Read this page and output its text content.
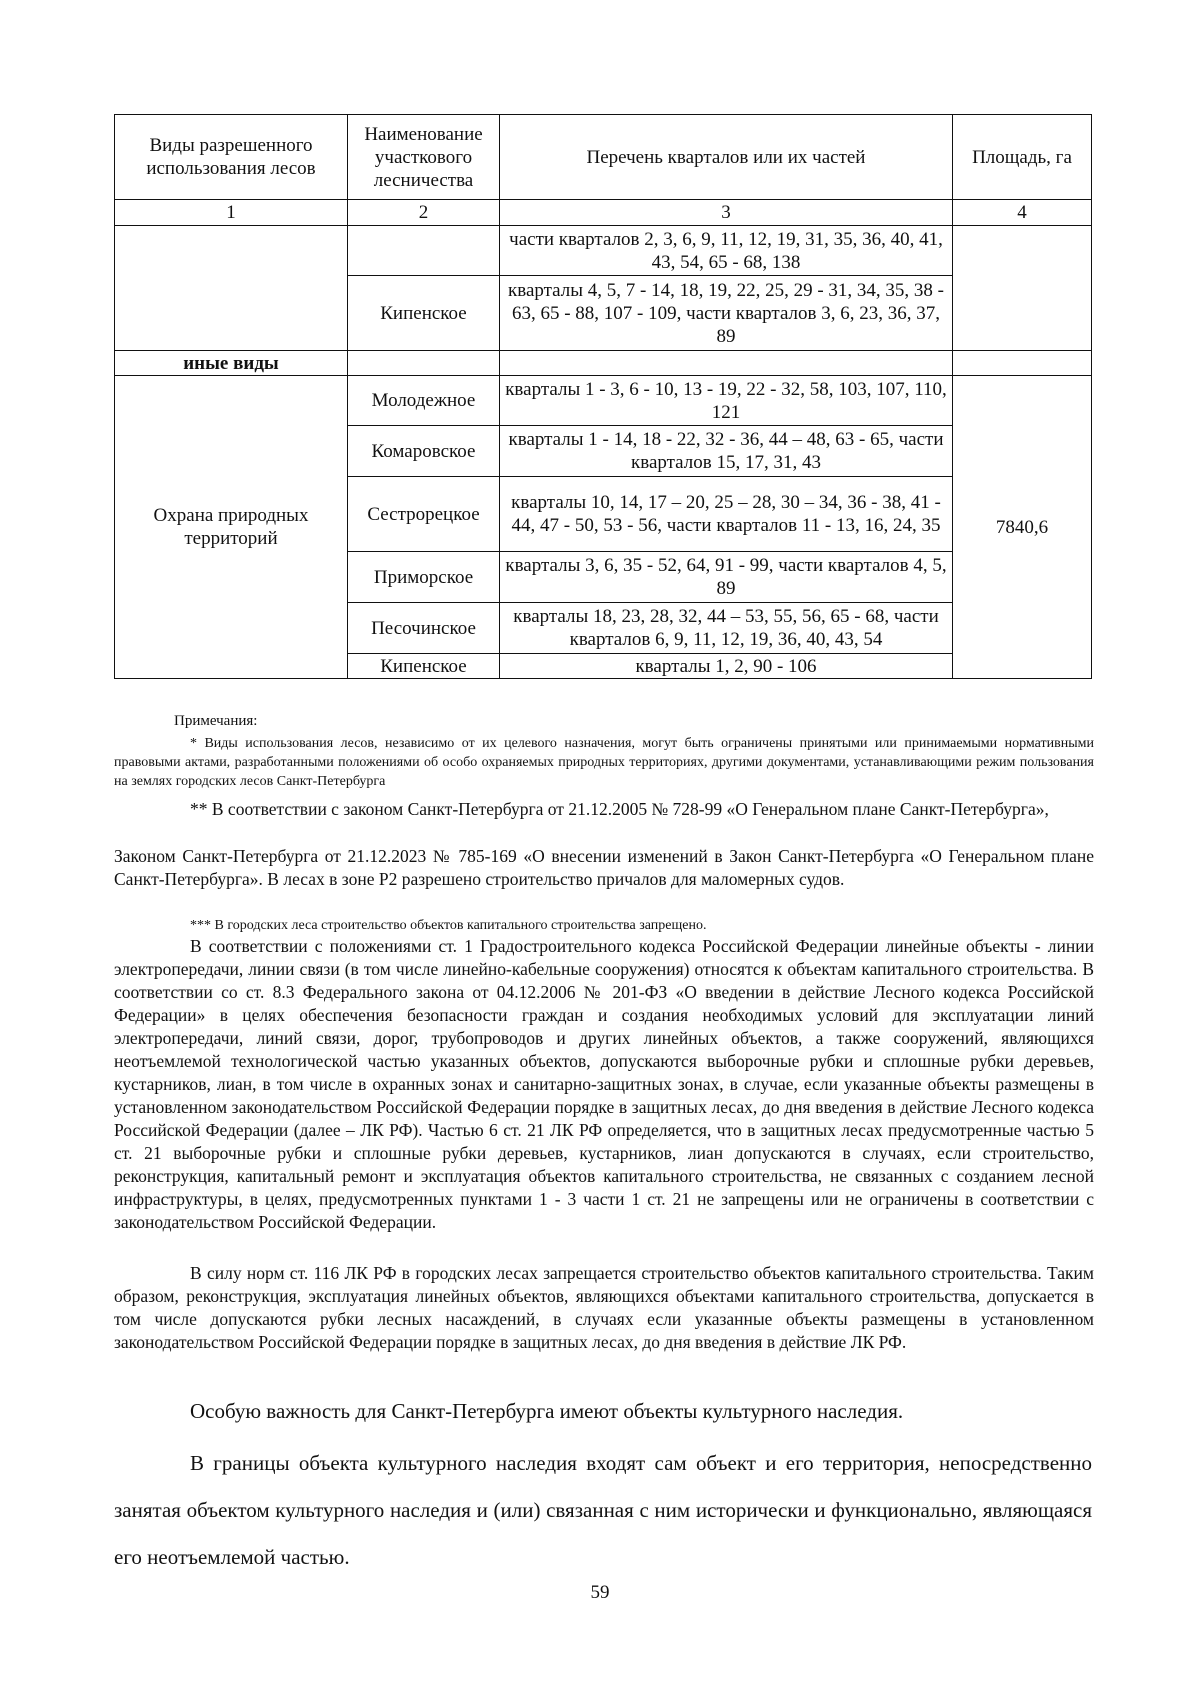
Виды разрешенного использования лесов	Наименование участкового лесничества	Перечень кварталов или их частей	Площадь, га
1	2	3	4
		части кварталов 2, 3, 6, 9, 11, 12, 19, 31, 35, 36, 40, 41, 43, 54, 65 - 68, 138	
	Кипенское	кварталы 4, 5, 7 - 14, 18, 19, 22, 25, 29 - 31, 34, 35, 38 - 63, 65 - 88, 107 - 109, части кварталов 3, 6, 23, 36, 37, 89	
иные виды			
Охрана природных территорий	Молодежное	кварталы 1 - 3, 6 - 10, 13 - 19, 22 - 32, 58, 103, 107, 110, 121	7840,6
	Комаровское	кварталы 1 - 14, 18 - 22, 32 - 36, 44 – 48, 63 - 65, части кварталов 15, 17, 31, 43	
	Сестрорецкое	кварталы 10, 14, 17 – 20, 25 – 28, 30 – 34, 36 - 38, 41 - 44, 47 - 50, 53 - 56, части кварталов 11 - 13, 16, 24, 35	
	Приморское	кварталы 3, 6, 35 - 52, 64, 91 - 99, части кварталов 4, 5, 89	
	Песочинское	кварталы 18, 23, 28, 32, 44 – 53, 55, 56, 65 - 68, части кварталов 6, 9, 11, 12, 19, 36, 40, 43, 54	
	Кипенское	кварталы 1, 2, 90 - 106	
Примечания:
* Виды использования лесов, независимо от их целевого назначения, могут быть ограничены принятыми или принимаемыми нормативными правовыми актами, разработанными положениями об особо охраняемых природных территориях, другими документами, устанавливающими режим пользования на землях городских лесов Санкт-Петербурга
** В соответствии с законом Санкт-Петербурга от 21.12.2005 № 728-99 «О Генеральном плане Санкт-Петербурга»,
Законом Санкт-Петербурга от 21.12.2023 № 785-169 «О внесении изменений в Закон Санкт-Петербурга «О Генеральном плане Санкт-Петербурга». В лесах в зоне Р2 разрешено строительство причалов для маломерных судов.
*** В городских леса строительство объектов капитального строительства запрещено.
В соответствии с положениями ст. 1 Градостроительного кодекса Российской Федерации линейные объекты - линии электропередачи, линии связи (в том числе линейно-кабельные сооружения) относятся к объектам капитального строительства. В соответствии со ст. 8.3 Федерального закона от 04.12.2006 № 201-ФЗ «О введении в действие Лесного кодекса Российской Федерации» в целях обеспечения безопасности граждан и создания необходимых условий для эксплуатации линий электропередачи, линий связи, дорог, трубопроводов и других линейных объектов, а также сооружений, являющихся неотъемлемой технологической частью указанных объектов, допускаются выборочные рубки и сплошные рубки деревьев, кустарников, лиан, в том числе в охранных зонах и санитарно-защитных зонах, в случае, если указанные объекты размещены в установленном законодательством Российской Федерации порядке в защитных лесах, до дня введения в действие Лесного кодекса Российской Федерации (далее – ЛК РФ). Частью 6 ст. 21 ЛК РФ определяется, что в защитных лесах предусмотренные частью 5 ст. 21 выборочные рубки и сплошные рубки деревьев, кустарников, лиан допускаются в случаях, если строительство, реконструкция, капитальный ремонт и эксплуатация объектов капитального строительства, не связанных с созданием лесной инфраструктуры, в целях, предусмотренных пунктами 1 - 3 части 1 ст. 21 не запрещены или не ограничены в соответствии с законодательством Российской Федерации.
В силу норм ст. 116 ЛК РФ в городских лесах запрещается строительство объектов капитального строительства. Таким образом, реконструкция, эксплуатация линейных объектов, являющихся объектами капитального строительства, допускается в том числе допускаются рубки лесных насаждений, в случаях если указанные объекты размещены в установленном законодательством Российской Федерации порядке в защитных лесах, до дня введения в действие ЛК РФ.
Особую важность для Санкт-Петербурга имеют объекты культурного наследия.
В границы объекта культурного наследия входят сам объект и его территория, непосредственно занятая объектом культурного наследия и (или) связанная с ним исторически и функционально, являющаяся его неотъемлемой частью.
59
